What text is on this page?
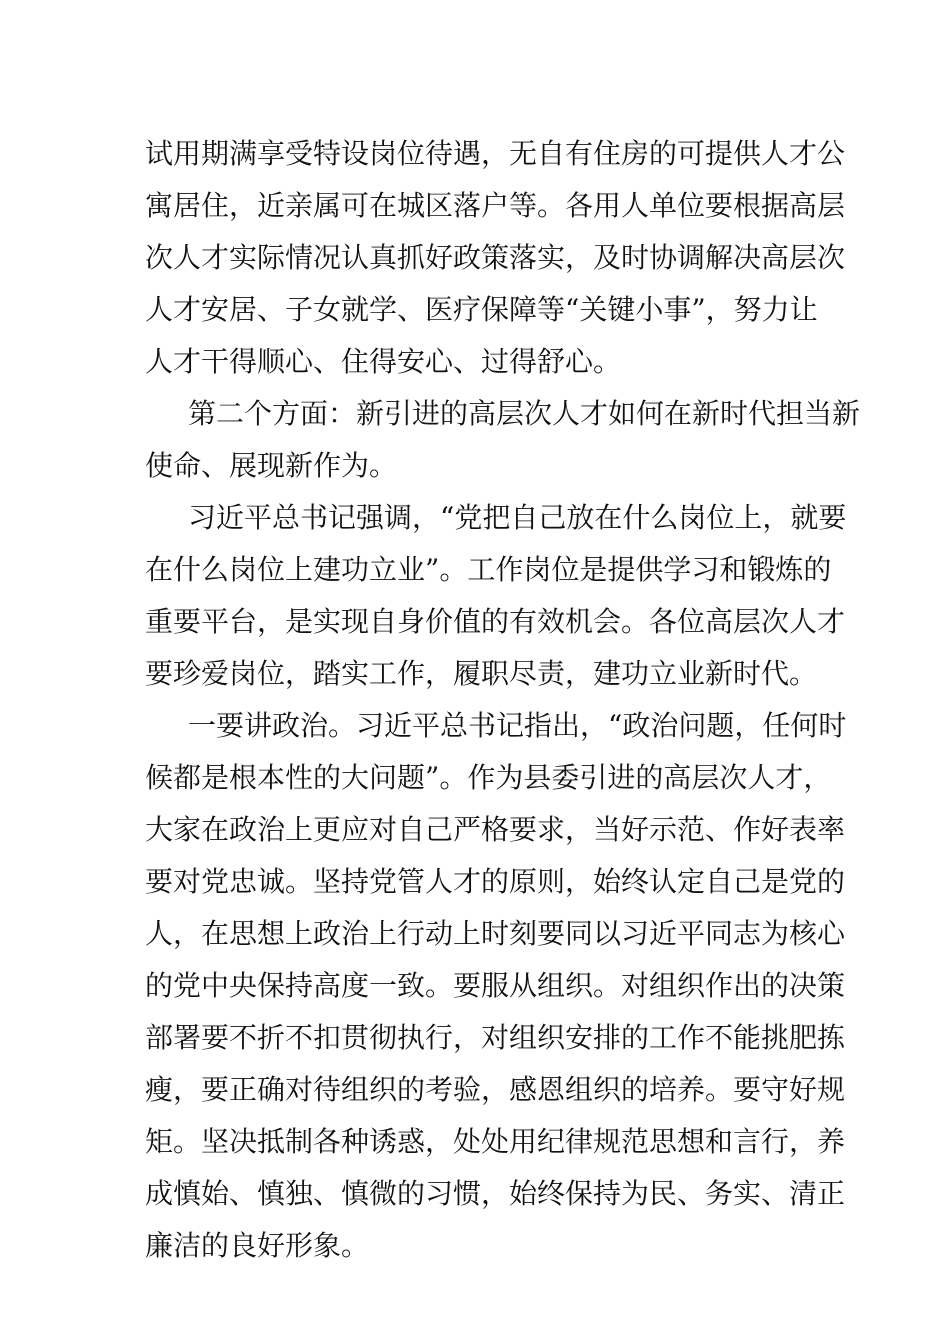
试用期满享受特设岗位待遇，无自有住房的可提供人才公
寓居住，近亲属可在城区落户等。各用人单位要根据高层
次人才实际情况认真抓好政策落实，及时协调解决高层次
人才安居、子女就学、医疗保障等“关键小事”，努力让
人才干得顺心、住得安心、过得舒心。
第二个方面：新引进的高层次人才如何在新时代担当新
使命、展现新作为。
习近平总书记强调，“党把自己放在什么岗位上，就要
在什么岗位上建功立业”。工作岗位是提供学习和锻炼的
重要平台，是实现自身价值的有效机会。各位高层次人才
要珍爱岗位，踏实工作，履职尽责，建功立业新时代。
一要讲政治。习近平总书记指出，“政治问题，任何时
候都是根本性的大问题”。作为县委引进的高层次人才，
大家在政治上更应对自己严格要求，当好示范、作好表率
要对党忠诚。坚持党管人才的原则，始终认定自己是党的
人，在思想上政治上行动上时刻要同以习近平同志为核心
的党中央保持高度一致。要服从组织。对组织作出的决策
部署要不折不扣贯彻执行，对组织安排的工作不能挑肥拣
瘦，要正确对待组织的考验，感恩组织的培养。要守好规
矩。坚决抵制各种诱惑，处处用纪律规范思想和言行，养
成慎始、慎独、慎微的习惯，始终保持为民、务实、清正
廉洁的良好形象。
